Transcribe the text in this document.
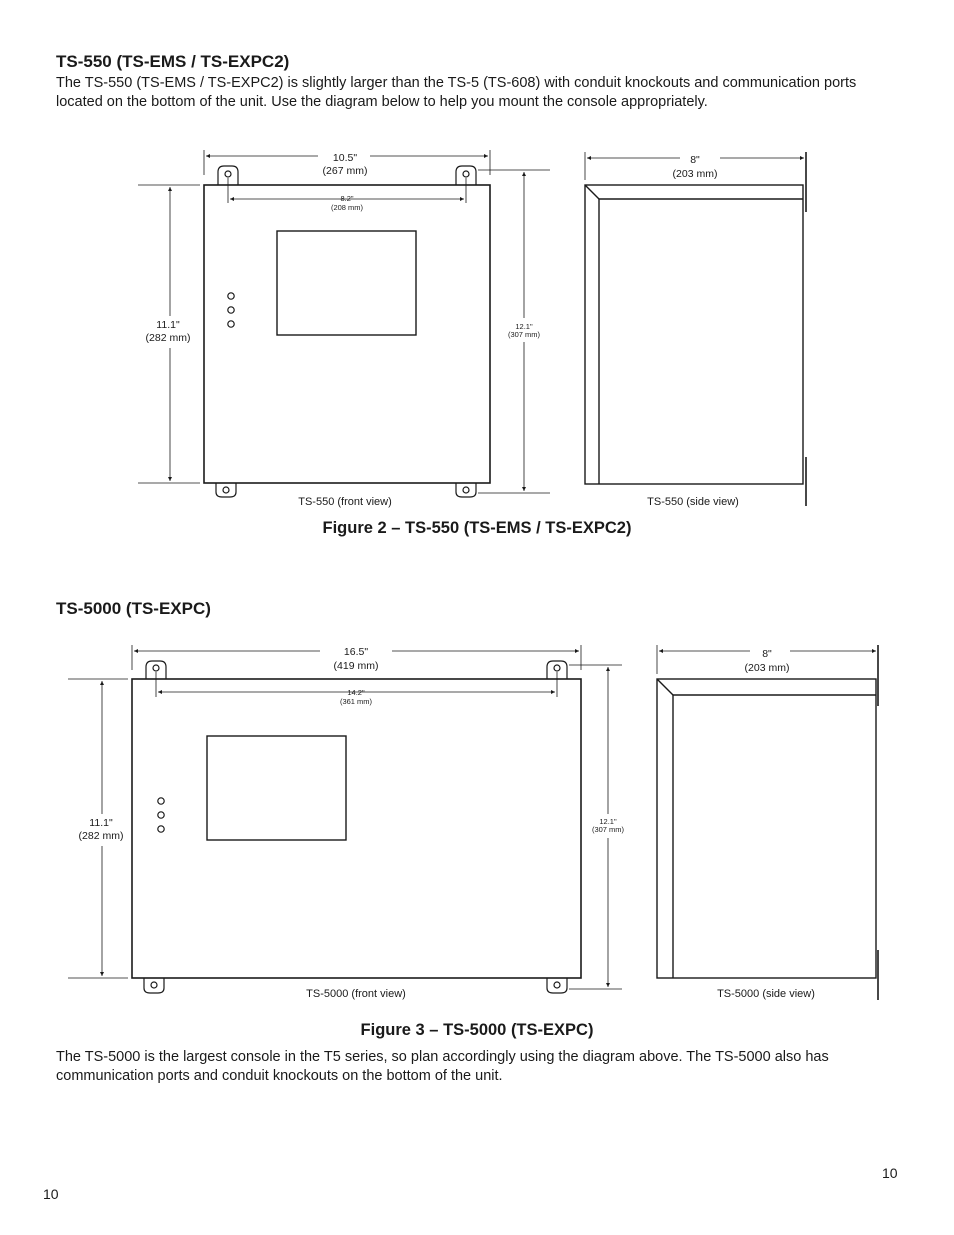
TS-550 (TS-EMS / TS-EXPC2)

The TS-550 (TS-EMS / TS-EXPC2) is slightly larger than the TS-5 (TS-608) with conduit knockouts and communication ports located on the bottom of the unit. Use the diagram below to help you mount the console appropriately.

10.5"
(267 mm)
8.2"
(208 mm)
11.1"
(282 mm)
12.1"
(307 mm)
8"
(203 mm)
TS-550 (front view)	TS-550 (side view)

Figure 2 – TS-550 (TS-EMS / TS-EXPC2)

TS-5000 (TS-EXPC)
16.5"
(419 mm)
14.2"
(361 mm)
11.1"
(282 mm)
12.1"
(307 mm)
8"
(203 mm)
TS-5000 (front view)	TS-5000 (side view)

Figure 3 – TS-5000 (TS-EXPC)

The TS-5000 is the largest console in the T5 series, so plan accordingly using the diagram above. The TS-5000 also has communication ports and conduit knockouts on the bottom of the unit.

10
10
